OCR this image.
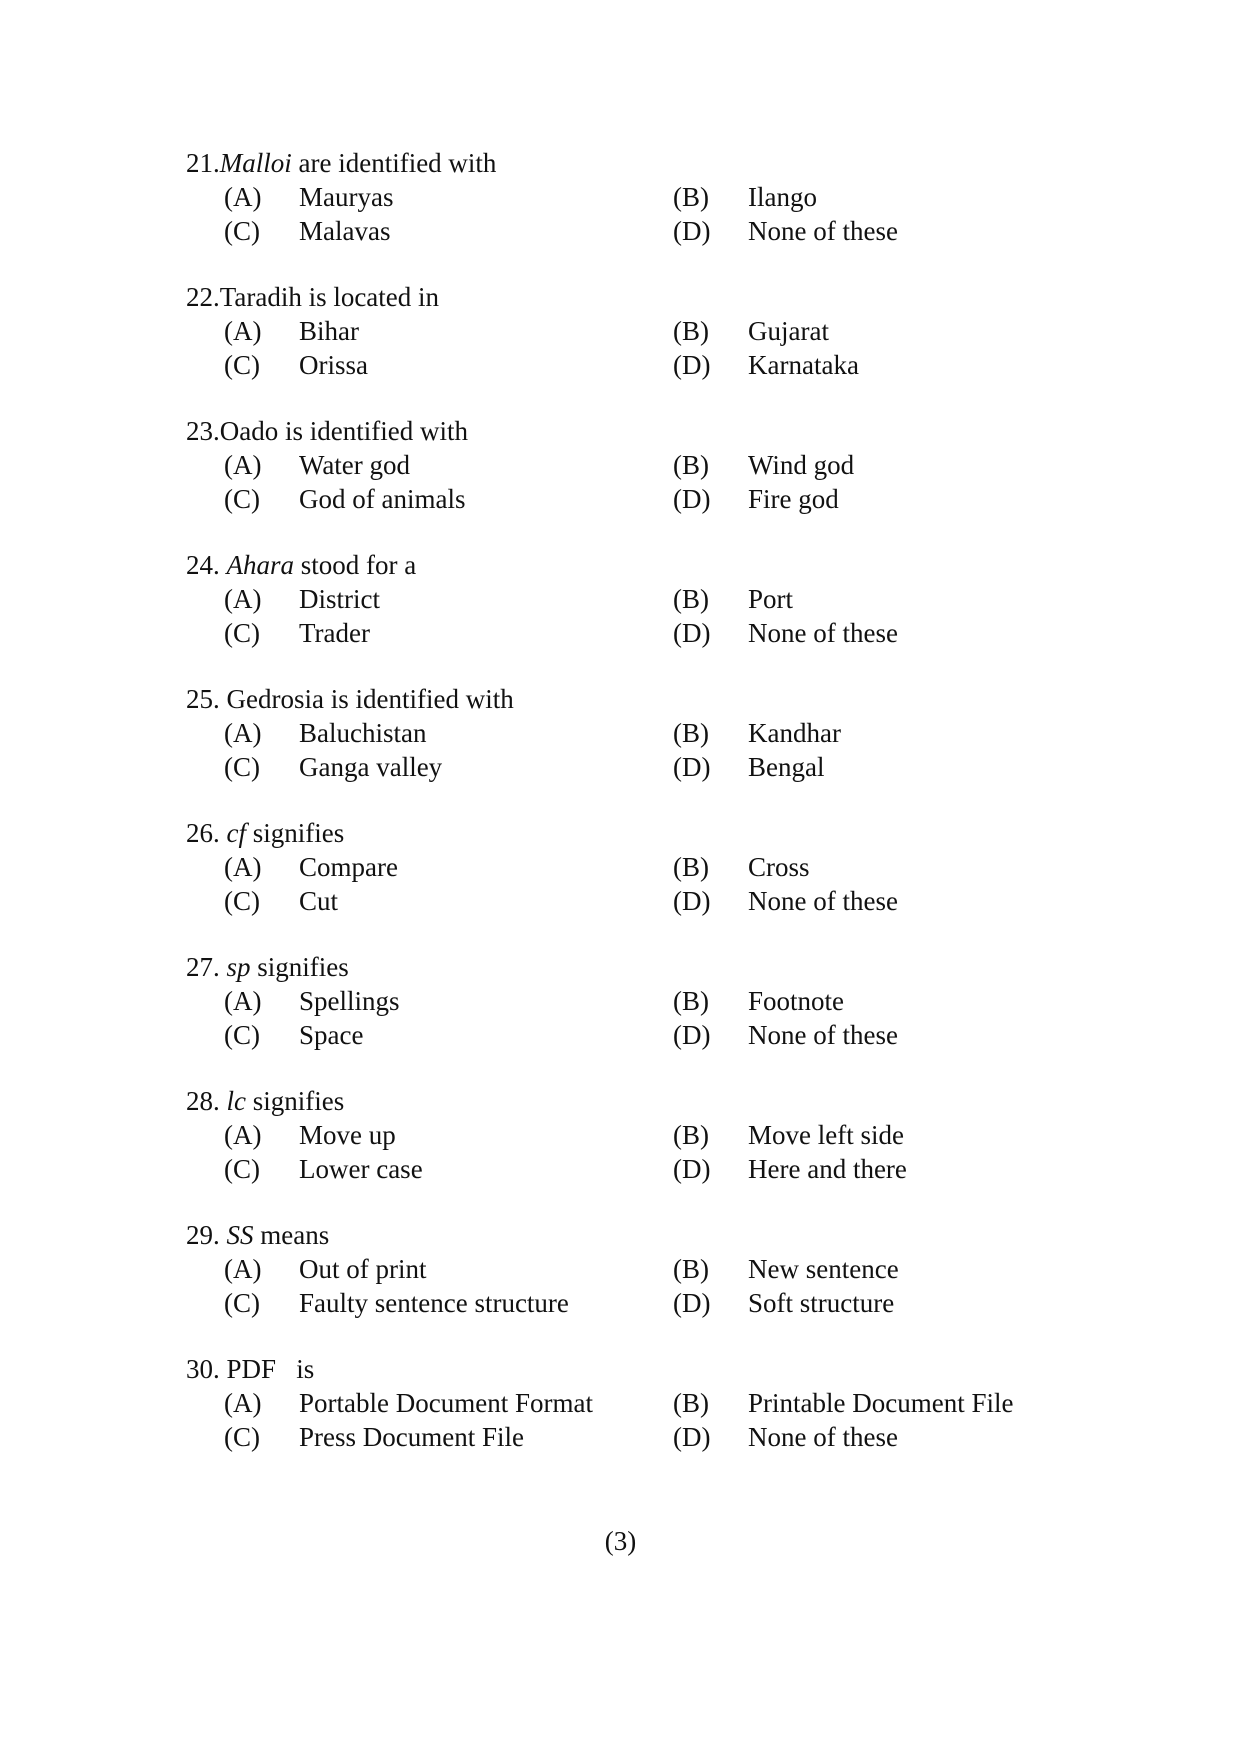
21.Malloi are identified with
(A) Mauryas	(B) Ilango
(C) Malavas	(D) None of these
22.Taradih is located in
(A) Bihar	(B) Gujarat
(C) Orissa	(D) Karnataka
23.Oado is identified with
(A) Water god	(B) Wind god
(C) God of animals	(D) Fire god
24. Ahara stood for a
(A) District	(B) Port
(C) Trader	(D) None of these
25. Gedrosia is identified with
(A) Baluchistan	(B) Kandhar
(C) Ganga valley	(D) Bengal
26. cf signifies
(A) Compare	(B) Cross
(C) Cut	(D) None of these
27. sp signifies
(A) Spellings	(B) Footnote
(C) Space	(D) None of these
28. lc signifies
(A) Move up	(B) Move left side
(C) Lower case	(D) Here and there
29. SS means
(A) Out of print	(B) New sentence
(C) Faulty sentence structure	(D) Soft structure
30. PDF   is
(A) Portable Document Format	(B) Printable Document File
(C) Press Document File	(D) None of these
(3)
